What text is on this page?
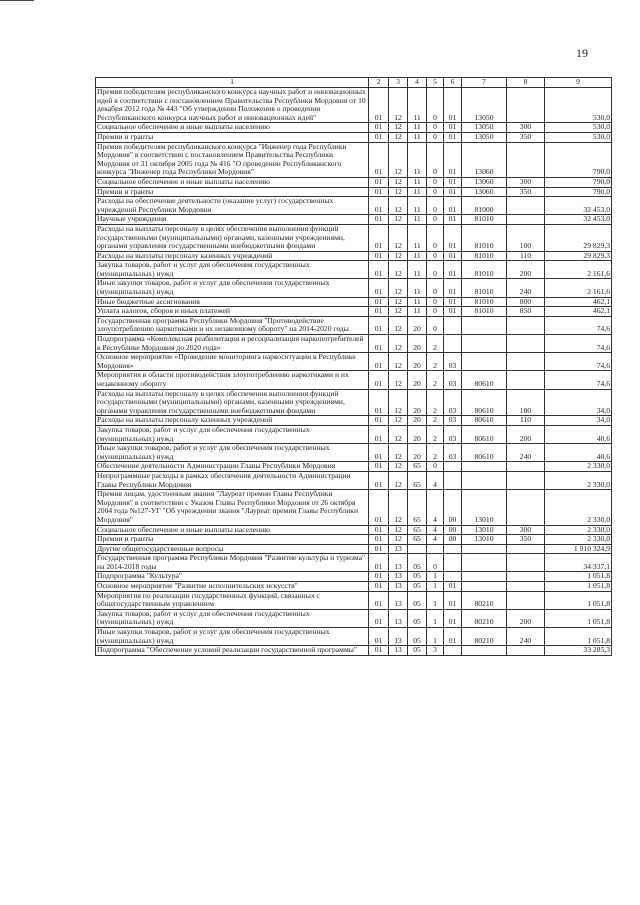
19
1	2	3	4	5	6	7	8	9
Премия победителям республиканского конкурса научных работ и инновационных идей в соответствии с постановлением Правительства Республики Мордовия от 10 декабря 2012 года № 443 "Об утверждении Положения о проведении Республиканского конкурса научных работ и инновационных идей"	01	12	11	0	01	13050		530,0
Социальное обеспечение и иные выплаты населению	01	12	11	0	01	13050	300	530,0
Премии и гранты	01	12	11	0	01	13050	350	530,0
Премия победителям республиканского конкурса "Инженер года Республики Мордовия" в соответствии с постановлением Правительства Республики Мордовия от 31 октября 2005 года № 416 "О проведении Республиканского конкурса "Инженер года Республики Мордовия"	01	12	11	0	01	13060		790,0
Социальное обеспечение и иные выплаты населению	01	12	11	0	01	13060	300	790,0
Премии и гранты	01	12	11	0	01	13060	350	790,0
Расходы на обеспечение деятельности (оказание услуг) государственных учреждений Республики Мордовия	01	12	11	0	01	81000		32 453,0
Научные учреждения	01	12	11	0	01	81010		32 453,0
Расходы на выплаты персоналу в целях обеспечения выполнения функций государственными (муниципальными) органами, казенными учреждениями, органами управления государственными внебюджетными фондами	01	12	11	0	01	81010	100	29 829,3
Расходы на выплаты персоналу казенных учреждений	01	12	11	0	01	81010	110	29 829,3
Закупка товаров, работ и услуг для обеспечения государственных (муниципальных) нужд	01	12	11	0	01	81010	200	2 161,6
Иные закупки товаров, работ и услуг для обеспечения государственных (муниципальных) нужд	01	12	11	0	01	81010	240	2 161,6
Иные бюджетные ассигнования	01	12	11	0	01	81010	800	462,1
Уплата налогов, сборов и иных платежей	01	12	11	0	01	81010	850	462,1
Государственная программа Республики Мордовия "Противодействие злоупотреблению наркотиками и их незаконному обороту" на 2014-2020 годы	01	12	20	0				74,6
Подпрограмма «Комплексная реабилитация и ресоциализация наркопотребителей в Республике Мордовия до 2020 года»	01	12	20	2				74,6
Основное мероприятие «Проведение мониторинга наркоситуации в Республике Мордовия»	01	12	20	2	03			74,6
Мероприятия в области противодействия злоупотреблению наркотиками и их незаконному обороту	01	12	20	2	03	80610		74,6
Расходы на выплаты персоналу в целях обеспечения выполнения функций государственными (муниципальными) органами, казенными учреждениями, органами управления государственными внебюджетными фондами	01	12	20	2	03	80610	100	34,0
Расходы на выплаты персоналу казенных учреждений	01	12	20	2	03	80610	110	34,0
Закупка товаров, работ и услуг для обеспечения государственных (муниципальных) нужд	01	12	20	2	03	80610	200	40,6
Иные закупки товаров, работ и услуг для обеспечения государственных (муниципальных) нужд	01	12	20	2	03	80610	240	40,6
Обеспечение деятельности Администрации Главы Республики Мордовия	01	12	65	0				2 330,0
Непрограммные расходы в рамках обеспечения деятельности Администрации Главы Республики Мордовия	01	12	65	4				2 330,0
Премия лицам, удостоенным звания "Лауреат премии Главы Республики Мордовия" в соответствии с Указом Главы Республики Мордовия от 26 октября 2004 года №127-УГ "Об учреждении звания "Лауреат премии Главы Республики Мордовия"	01	12	65	4	00	13010		2 330,0
Социальное обеспечение и иные выплаты населению	01	12	65	4	00	13010	300	2 330,0
Премии и гранты	01	12	65	4	00	13010	350	2 330,0
Другие общегосударственные вопросы	01	13						1 910 324,9
Государственная программа Республики Мордовия "Развитие культуры и туризма" на 2014-2018 годы	01	13	05	0				34 337,1
Подпрограмма "Культура"	01	13	05	1				1 051,8
Основное мероприятие "Развитие исполнительских искусств"	01	13	05	1	01			1 051,8
Мероприятия по реализации государственных функций, связанных с общегосударственным управлением	01	13	05	1	01	80210		1 051,8
Закупка товаров, работ и услуг для обеспечения государственных (муниципальных) нужд	01	13	05	1	01	80210	200	1 051,8
Иные закупки товаров, работ и услуг для обеспечения государственных (муниципальных) нужд	01	13	05	1	01	80210	240	1 051,8
Подпрограмма "Обеспечение условий реализации государственной программы"	01	13	05	3				33 285,3
